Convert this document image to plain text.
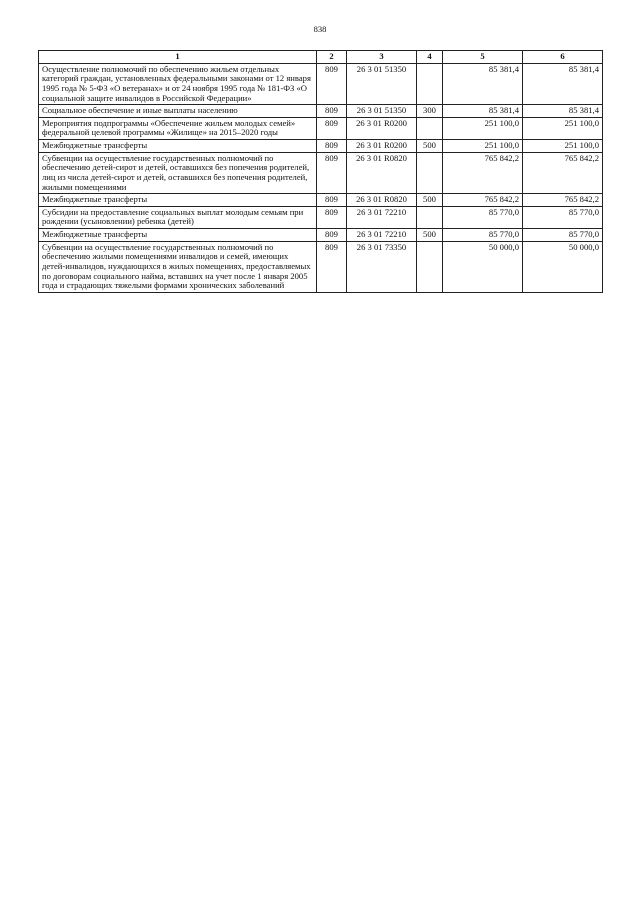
838
1	2	3	4	5	6
Осуществление полномочий по обеспечению жильем отдельных категорий граждан, установленных федеральными законами от 12 января 1995 года № 5-ФЗ «О ветеранах» и от 24 ноября 1995 года № 181-ФЗ «О социальной защите инвалидов в Российской Федерации»	809	26 3 01 51350		85 381,4	85 381,4
Социальное обеспечение и иные выплаты населению	809	26 3 01 51350	300	85 381,4	85 381,4
Мероприятия подпрограммы «Обеспечение жильем молодых семей» федеральной целевой программы «Жилище» на 2015–2020 годы	809	26 3 01 R0200		251 100,0	251 100,0
Межбюджетные трансферты	809	26 3 01 R0200	500	251 100,0	251 100,0
Субвенции на осуществление государственных полномочий по обеспечению детей-сирот и детей, оставшихся без попечения родителей, лиц из числа детей-сирот и детей, оставшихся без попечения родителей, жилыми помещениями	809	26 3 01 R0820		765 842,2	765 842,2
Межбюджетные трансферты	809	26 3 01 R0820	500	765 842,2	765 842,2
Субсидии на предоставление социальных выплат молодым семьям при рождении (усыновлении) ребенка (детей)	809	26 3 01 72210		85 770,0	85 770,0
Межбюджетные трансферты	809	26 3 01 72210	500	85 770,0	85 770,0
Субвенции на осуществление государственных полномочий по обеспечению жилыми помещениями инвалидов и семей, имеющих детей-инвалидов, нуждающихся в жилых помещениях, предоставляемых по договорам социального найма, вставших на учет после 1 января 2005 года и страдающих тяжелыми формами хронических заболеваний	809	26 3 01 73350		50 000,0	50 000,0
